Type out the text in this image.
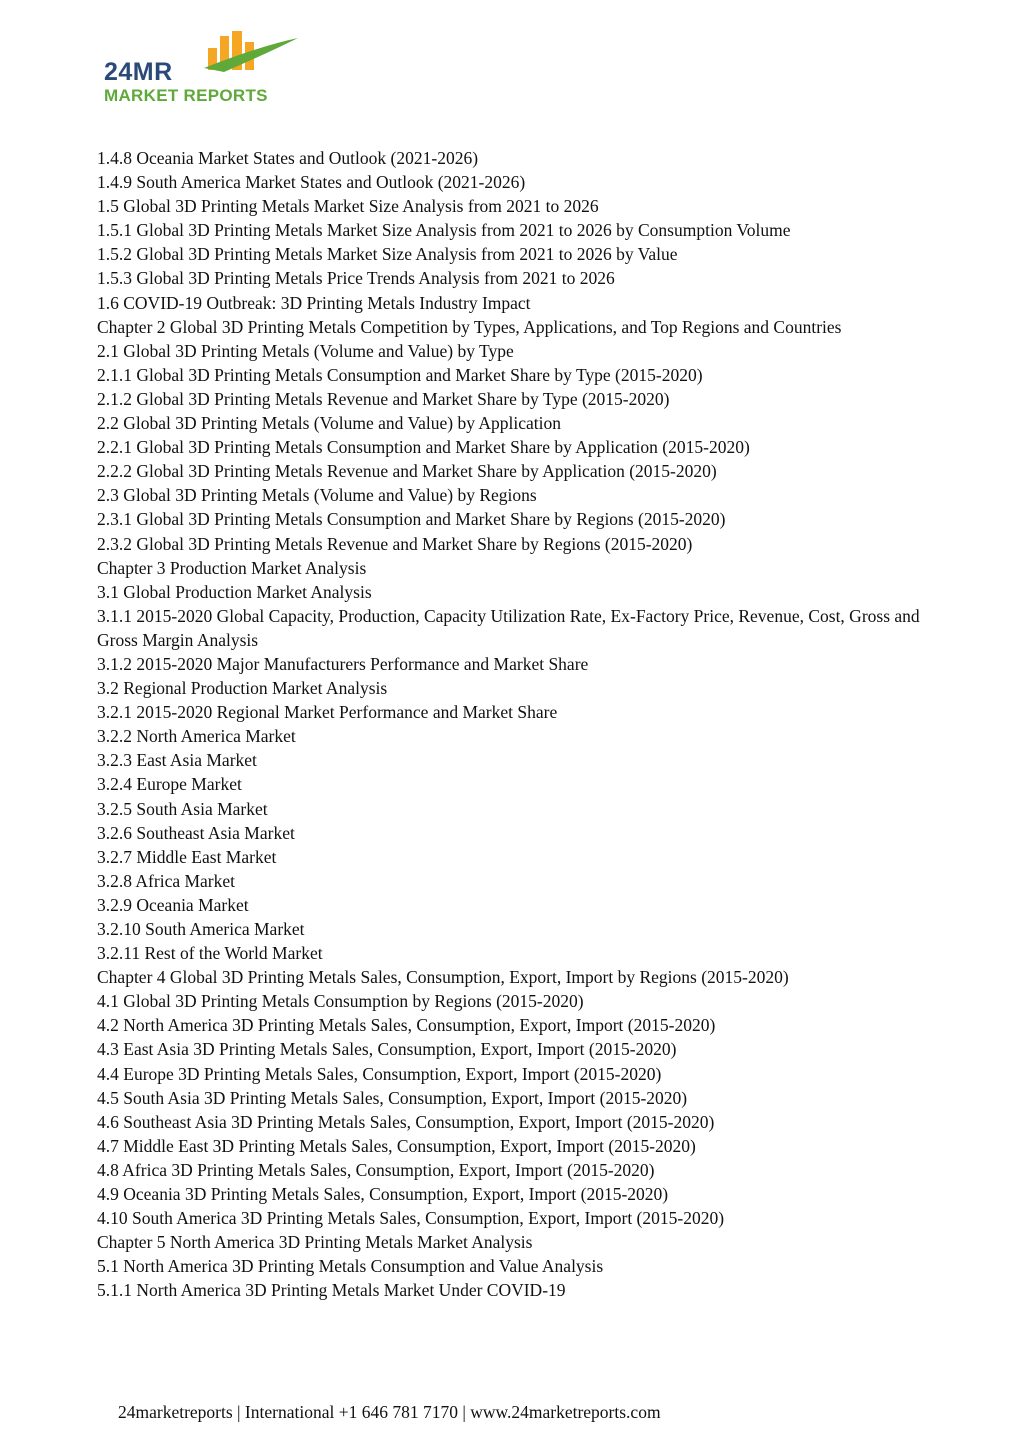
24MR
MARKET REPORTS
1.4.8 Oceania Market States and Outlook (2021-2026)
1.4.9 South America Market States and Outlook (2021-2026)
1.5 Global 3D Printing Metals Market Size Analysis from 2021 to 2026
1.5.1 Global 3D Printing Metals Market Size Analysis from 2021 to 2026 by Consumption Volume
1.5.2 Global 3D Printing Metals Market Size Analysis from 2021 to 2026 by Value
1.5.3 Global 3D Printing Metals Price Trends Analysis from 2021 to 2026
1.6 COVID-19 Outbreak: 3D Printing Metals Industry Impact
Chapter 2 Global 3D Printing Metals Competition by Types, Applications, and Top Regions and Countries
2.1 Global 3D Printing Metals (Volume and Value) by Type
2.1.1 Global 3D Printing Metals Consumption and Market Share by Type (2015-2020)
2.1.2 Global 3D Printing Metals Revenue and Market Share by Type (2015-2020)
2.2 Global 3D Printing Metals (Volume and Value) by Application
2.2.1 Global 3D Printing Metals Consumption and Market Share by Application (2015-2020)
2.2.2 Global 3D Printing Metals Revenue and Market Share by Application (2015-2020)
2.3 Global 3D Printing Metals (Volume and Value) by Regions
2.3.1 Global 3D Printing Metals Consumption and Market Share by Regions (2015-2020)
2.3.2 Global 3D Printing Metals Revenue and Market Share by Regions (2015-2020)
Chapter 3 Production Market Analysis
3.1 Global Production Market Analysis
3.1.1 2015-2020 Global Capacity, Production, Capacity Utilization Rate, Ex-Factory Price, Revenue, Cost, Gross and Gross Margin Analysis
3.1.2 2015-2020 Major Manufacturers Performance and Market Share
3.2 Regional Production Market Analysis
3.2.1 2015-2020 Regional Market Performance and Market Share
3.2.2 North America Market
3.2.3 East Asia Market
3.2.4 Europe Market
3.2.5 South Asia Market
3.2.6 Southeast Asia Market
3.2.7 Middle East Market
3.2.8 Africa Market
3.2.9 Oceania Market
3.2.10 South America Market
3.2.11 Rest of the World Market
Chapter 4 Global 3D Printing Metals Sales, Consumption, Export, Import by Regions (2015-2020)
4.1 Global 3D Printing Metals Consumption by Regions (2015-2020)
4.2 North America 3D Printing Metals Sales, Consumption, Export, Import (2015-2020)
4.3 East Asia 3D Printing Metals Sales, Consumption, Export, Import (2015-2020)
4.4 Europe 3D Printing Metals Sales, Consumption, Export, Import (2015-2020)
4.5 South Asia 3D Printing Metals Sales, Consumption, Export, Import (2015-2020)
4.6 Southeast Asia 3D Printing Metals Sales, Consumption, Export, Import (2015-2020)
4.7 Middle East 3D Printing Metals Sales, Consumption, Export, Import (2015-2020)
4.8 Africa 3D Printing Metals Sales, Consumption, Export, Import (2015-2020)
4.9 Oceania 3D Printing Metals Sales, Consumption, Export, Import (2015-2020)
4.10 South America 3D Printing Metals Sales, Consumption, Export, Import (2015-2020)
Chapter 5 North America 3D Printing Metals Market Analysis
5.1 North America 3D Printing Metals Consumption and Value Analysis
5.1.1 North America 3D Printing Metals Market Under COVID-19
24marketreports | International +1 646 781 7170 | www.24marketreports.com
